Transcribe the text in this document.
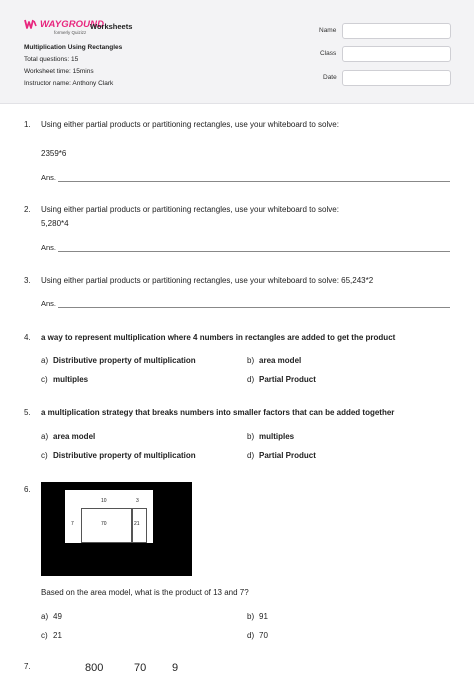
WAYGROUND
formerly Quizizz
Worksheets
Multiplication Using Rectangles
Total questions: 15
Worksheet time: 15mins
Instructor name: Anthony Clark
Name
Class
Date
1. Using either partial products or partitioning rectangles, use your whiteboard to solve:
2359*6
Ans.
2. Using either partial products or partitioning rectangles, use your whiteboard to solve:
5,280*4
Ans.
3. Using either partial products or partitioning rectangles, use your whiteboard to solve: 65,243*2
Ans.
4. a way to represent multiplication where 4 numbers in rectangles are added to get the product
a) Distributive property of multiplication	b) area model
c) multiples	d) Partial Product
5. a multiplication strategy that breaks numbers into smaller factors that can be added together
a) area model	b) multiples
c) Distributive property of multiplication	d) Partial Product
6.
10	3
7	70	21
Based on the area model, what is the product of 13 and 7?
a) 49	b) 91
c) 21	d) 70
7.	800	70 9
